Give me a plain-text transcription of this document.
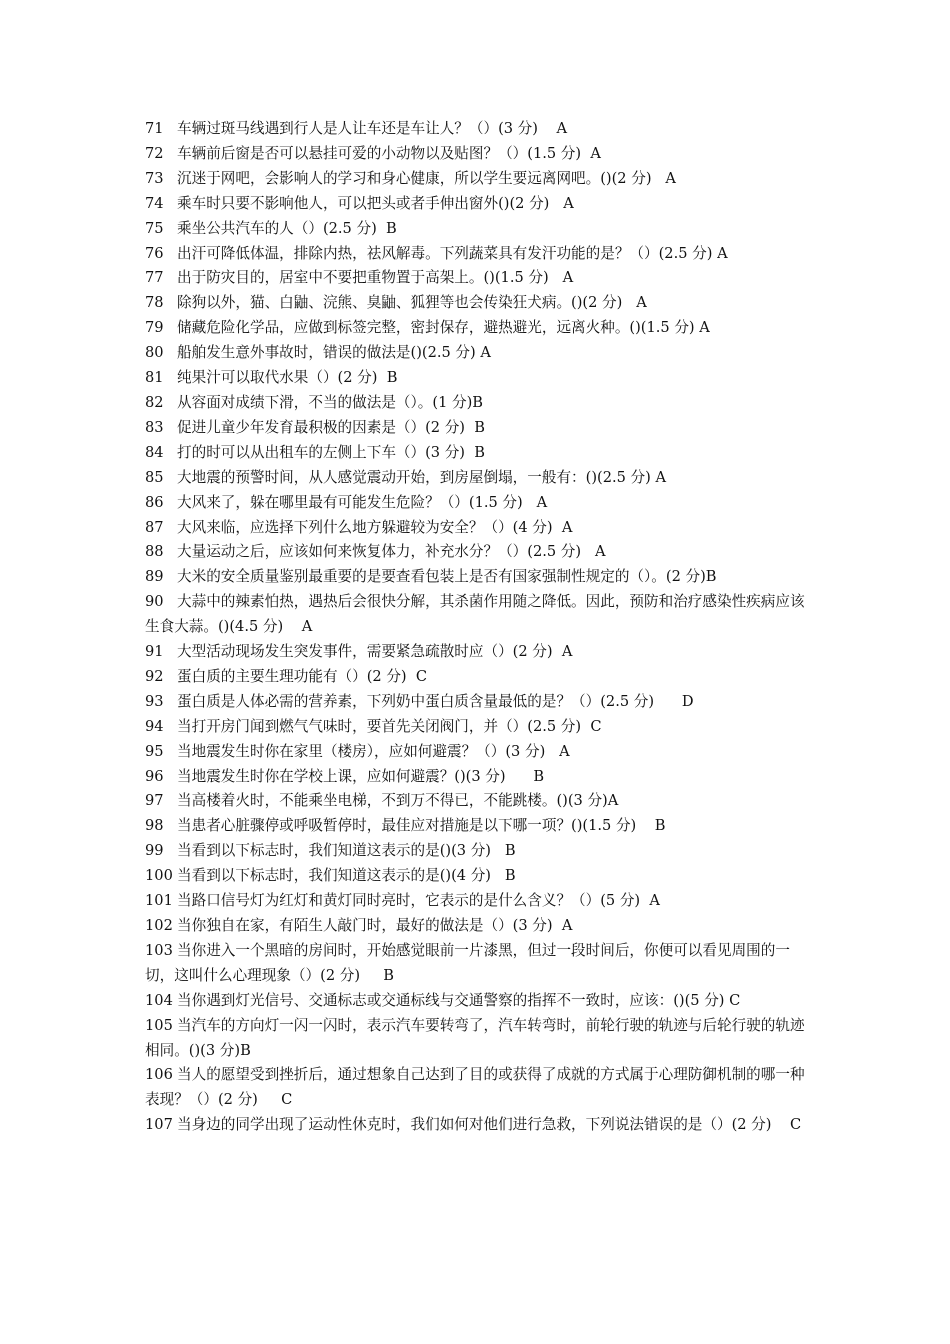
71 车辆过斑马线遇到行人是人让车还是车让人？（）(3 分)    A

72 车辆前后窗是否可以悬挂可爱的小动物以及贴图？（）(1.5 分)  A

73 沉迷于网吧，会影响人的学习和身心健康，所以学生要远离网吧。()(2 分)   A

74 乘车时只要不影响他人，可以把头或者手伸出窗外()(2 分)   A

75 乘坐公共汽车的人（）(2.5 分)  B

76 出汗可降低体温，排除内热，祛风解毒。下列蔬菜具有发汗功能的是？（）(2.5 分) A

77 出于防灾目的，居室中不要把重物置于高架上。()(1.5 分)   A

78 除狗以外，猫、白鼬、浣熊、臭鼬、狐狸等也会传染狂犬病。()(2 分)   A

79 储藏危险化学品，应做到标签完整，密封保存，避热避光，远离火种。()(1.5 分) A

80 船舶发生意外事故时，错误的做法是()(2.5 分) A

81 纯果汁可以取代水果（）(2 分)  B

82 从容面对成绩下滑，不当的做法是（）。(1 分)B

83 促进儿童少年发育最积极的因素是（）(2 分)  B

84 打的时可以从出租车的左侧上下车（）(3 分)  B

85 大地震的预警时间，从人感觉震动开始，到房屋倒塌，一般有：()(2.5 分) A

86 大风来了，躲在哪里最有可能发生危险？（）(1.5 分)   A

87 大风来临，应选择下列什么地方躲避较为安全？（）(4 分)  A

88 大量运动之后，应该如何来恢复体力，补充水分？（）(2.5 分)   A

89 大米的安全质量鉴别最重要的是要查看包装上是否有国家强制性规定的（）。(2 分)B

90 大蒜中的辣素怕热，遇热后会很快分解，其杀菌作用随之降低。因此，预防和治疗感染性疾病应该生食大蒜。()(4.5 分)    A

91 大型活动现场发生突发事件，需要紧急疏散时应（）(2 分)  A

92 蛋白质的主要生理功能有（）(2 分)  C

93 蛋白质是人体必需的营养素，下列奶中蛋白质含量最低的是？（）(2.5 分)      D

94 当打开房门闻到燃气气味时，要首先关闭阀门，并（）(2.5 分)  C

95 当地震发生时你在家里（楼房），应如何避震？（）(3 分)   A

96 当地震发生时你在学校上课，应如何避震？()(3 分)      B

97 当高楼着火时，不能乘坐电梯，不到万不得已，不能跳楼。()(3 分)A

98 当患者心脏骤停或呼吸暂停时，最佳应对措施是以下哪一项？()(1.5 分)    B

99 当看到以下标志时，我们知道这表示的是()(3 分)   B

100 当看到以下标志时，我们知道这表示的是()(4 分)   B

101 当路口信号灯为红灯和黄灯同时亮时，它表示的是什么含义？（）(5 分)  A

102 当你独自在家，有陌生人敲门时，最好的做法是（）(3 分)  A

103 当你进入一个黑暗的房间时，开始感觉眼前一片漆黑，但过一段时间后，你便可以看见周围的一切，这叫什么心理现象（）(2 分)     B

104 当你遇到灯光信号、交通标志或交通标线与交通警察的指挥不一致时，应该：()(5 分) C

105 当汽车的方向灯一闪一闪时，表示汽车要转弯了，汽车转弯时，前轮行驶的轨迹与后轮行驶的轨迹相同。()(3 分)B

106 当人的愿望受到挫折后，通过想象自己达到了目的或获得了成就的方式属于心理防御机制的哪一种表现？（）(2 分)     C

107 当身边的同学出现了运动性休克时，我们如何对他们进行急救，下列说法错误的是（）(2 分)    C
